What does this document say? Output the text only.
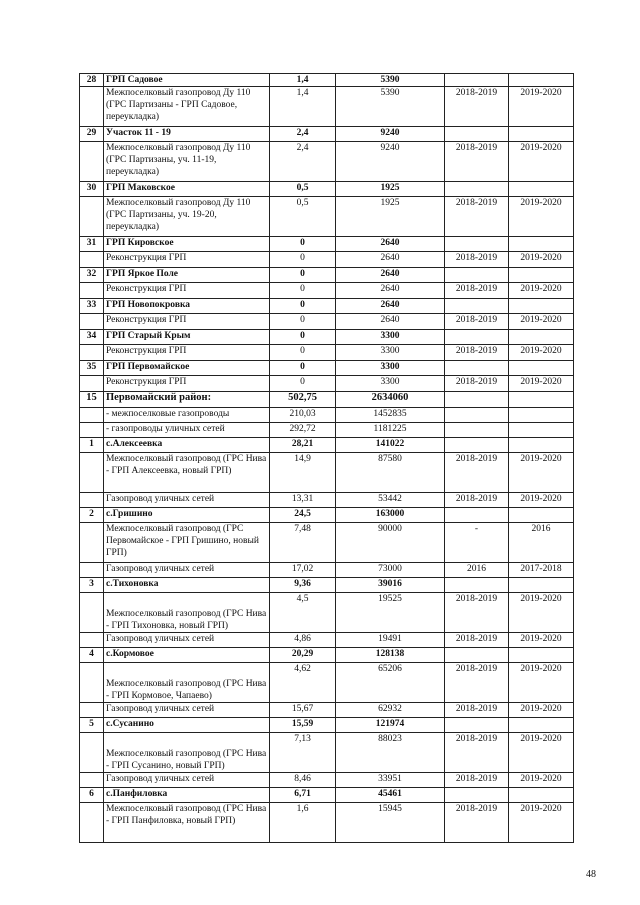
28	ГРП Садовое	1,4	5390		
	Межпоселковый газопровод Ду 110 (ГРС Партизаны - ГРП Садовое, переукладка)	1,4	5390	2018-2019	2019-2020
29	Участок 11 - 19	2,4	9240		
	Межпоселковый газопровод Ду 110 (ГРС Партизаны, уч. 11-19, переукладка)	2,4	9240	2018-2019	2019-2020
30	ГРП Маковское	0,5	1925		
	Межпоселковый газопровод Ду 110 (ГРС Партизаны, уч. 19-20, переукладка)	0,5	1925	2018-2019	2019-2020
31	ГРП Кировское	0	2640		
	Реконструкция ГРП	0	2640	2018-2019	2019-2020
32	ГРП Яркое Поле	0	2640		
	Реконструкция ГРП	0	2640	2018-2019	2019-2020
33	ГРП Новопокровка	0	2640		
	Реконструкция ГРП	0	2640	2018-2019	2019-2020
34	ГРП Старый Крым	0	3300		
	Реконструкция ГРП	0	3300	2018-2019	2019-2020
35	ГРП Первомайское	0	3300		
	Реконструкция ГРП	0	3300	2018-2019	2019-2020
15	Первомайский район:	502,75	2634060		
	- межпоселковые газопроводы	210,03	1452835		
	- газопроводы уличных сетей	292,72	1181225		
1	с.Алексеевка	28,21	141022		
	Межпоселковый газопровод (ГРС Нива - ГРП Алексеевка, новый ГРП)	14,9	87580	2018-2019	2019-2020
	Газопровод уличных сетей	13,31	53442	2018-2019	2019-2020
2	с.Гришино	24,5	163000		
	Межпоселковый газопровод (ГРС Первомайское - ГРП Гришино, новый ГРП)	7,48	90000	-	2016
	Газопровод уличных сетей	17,02	73000	2016	2017-2018
3	с.Тихоновка	9,36	39016		
	Межпоселковый газопровод (ГРС Нива - ГРП Тихоновка, новый ГРП)	4,5	19525	2018-2019	2019-2020
	Газопровод уличных сетей	4,86	19491	2018-2019	2019-2020
4	с.Кормовое	20,29	128138		
	Межпоселковый газопровод (ГРС Нива - ГРП Кормовое, Чапаево)	4,62	65206	2018-2019	2019-2020
	Газопровод уличных сетей	15,67	62932	2018-2019	2019-2020
5	с.Сусанино	15,59	121974		
	Межпоселковый газопровод (ГРС Нива - ГРП Сусанино, новый ГРП)	7,13	88023	2018-2019	2019-2020
	Газопровод уличных сетей	8,46	33951	2018-2019	2019-2020
6	с.Панфиловка	6,71	45461		
	Межпоселковый газопровод (ГРС Нива - ГРП Панфиловка, новый ГРП)	1,6	15945	2018-2019	2019-2020
48
